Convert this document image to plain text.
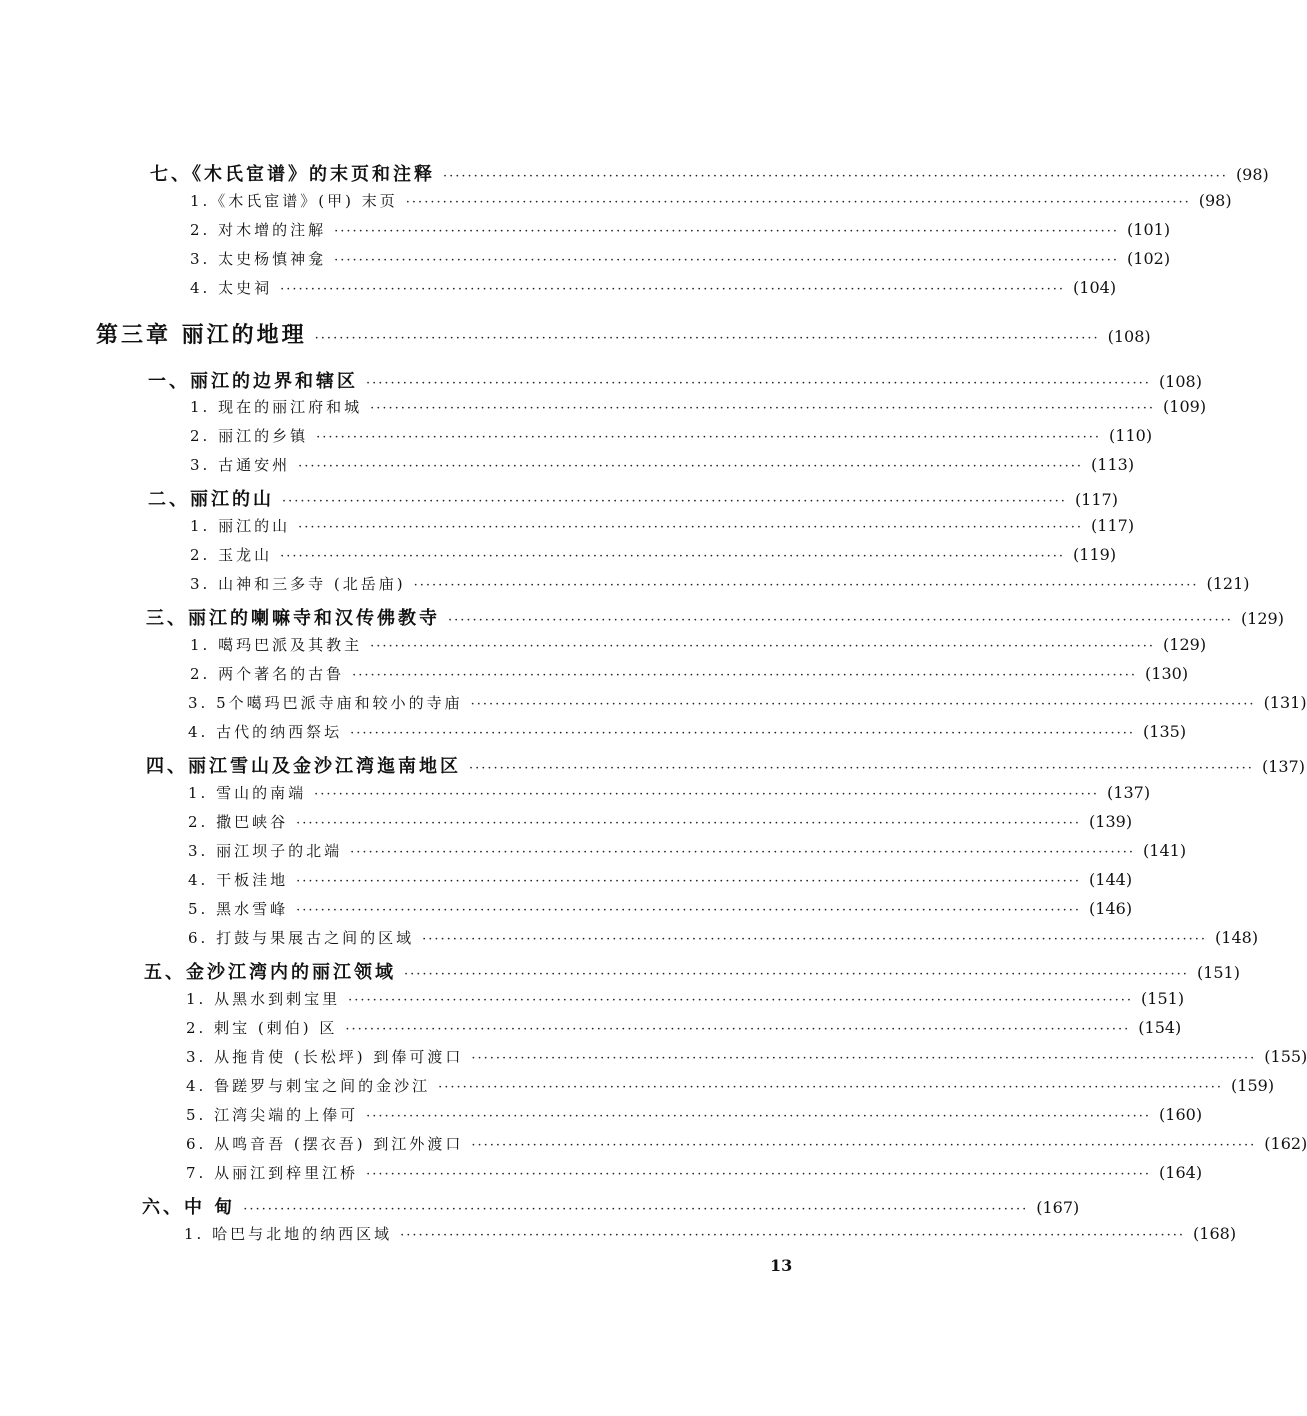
七、《木氏宦谱》的末页和注释 ································································································································ (98)
1.《木氏宦谱》(甲) 末页 ································································································································ (98)
2. 对木增的注解 ································································································································ (101)
3. 太史杨慎神龛 ································································································································ (102)
4. 太史祠 ································································································································ (104)
第三章 丽江的地理 ································································································································ (108)
一、丽江的边界和辖区 ································································································································ (108)
1. 现在的丽江府和城 ································································································································ (109)
2. 丽江的乡镇 ································································································································ (110)
3. 古通安州 ································································································································ (113)
二、丽江的山 ································································································································ (117)
1. 丽江的山 ································································································································ (117)
2. 玉龙山 ································································································································ (119)
3. 山神和三多寺 (北岳庙) ································································································································ (121)
三、丽江的喇嘛寺和汉传佛教寺 ································································································································ (129)
1. 噶玛巴派及其教主 ································································································································ (129)
2. 两个著名的古鲁 ································································································································ (130)
3. 5个噶玛巴派寺庙和较小的寺庙 ································································································································ (131)
4. 古代的纳西祭坛 ································································································································ (135)
四、丽江雪山及金沙江湾迤南地区 ································································································································ (137)
1. 雪山的南端 ································································································································ (137)
2. 撒巴峡谷 ································································································································ (139)
3. 丽江坝子的北端 ································································································································ (141)
4. 干板洼地 ································································································································ (144)
5. 黑水雪峰 ································································································································ (146)
6. 打鼓与果展古之间的区域 ································································································································ (148)
五、金沙江湾内的丽江领域 ································································································································ (151)
1. 从黑水到剌宝里 ································································································································ (151)
2. 剌宝 (剌伯) 区 ································································································································ (154)
3. 从拖肯使 (长松坪) 到俸可渡口 ································································································································ (155)
4. 鲁蹉罗与剌宝之间的金沙江 ································································································································ (159)
5. 江湾尖端的上俸可 ································································································································ (160)
6. 从鸣音吾 (摆衣吾) 到江外渡口 ································································································································ (162)
7. 从丽江到梓里江桥 ································································································································ (164)
六、中 甸 ································································································································ (167)
1. 哈巴与北地的纳西区域 ································································································································ (168)
13
